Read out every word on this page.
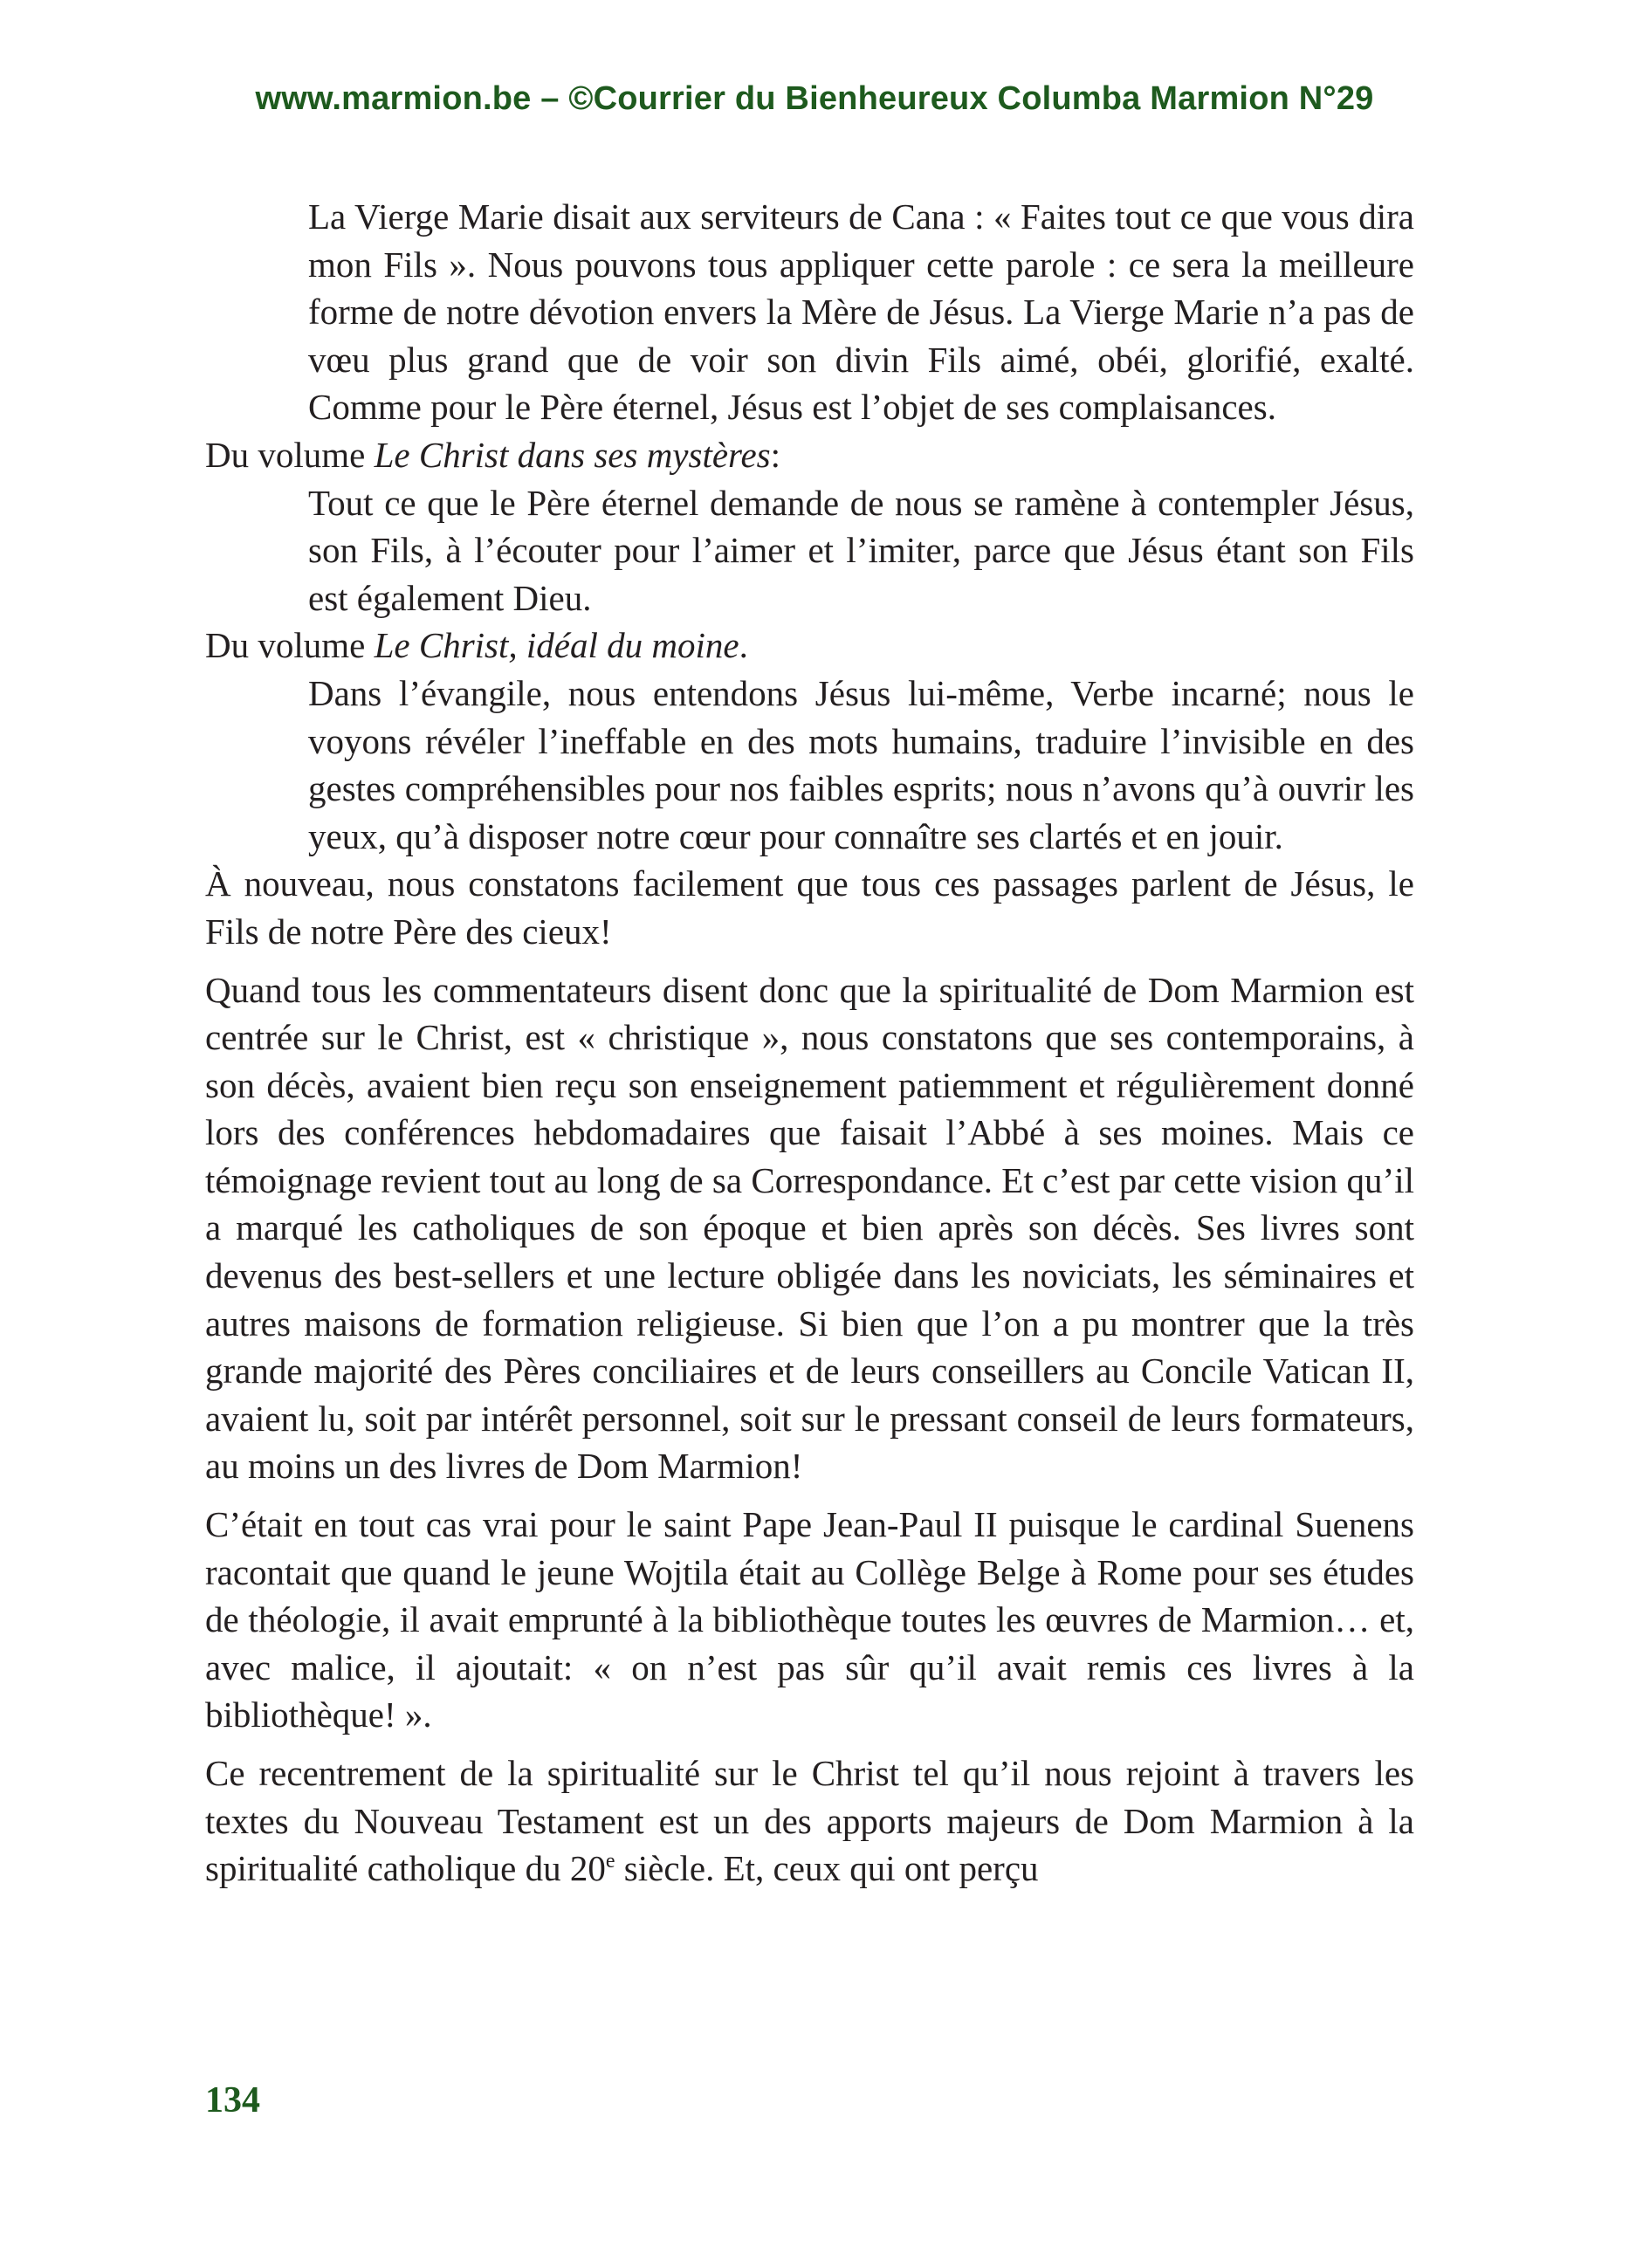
www.marmion.be – ©Courrier du Bienheureux Columba Marmion N°29

La Vierge Marie disait aux serviteurs de Cana : « Faites tout ce que vous dira mon Fils ». Nous pouvons tous appliquer cette parole : ce sera la meilleure forme de notre dévotion envers la Mère de Jésus. La Vierge Marie n’a pas de vœu plus grand que de voir son divin Fils aimé, obéi, glorifié, exalté. Comme pour le Père éternel, Jésus est l’objet de ses complaisances.

Du volume Le Christ dans ses mystères:

Tout ce que le Père éternel demande de nous se ramène à contempler Jésus, son Fils, à l’écouter pour l’aimer et l’imiter, parce que Jésus étant son Fils est également Dieu.

Du volume Le Christ, idéal du moine.

Dans l’évangile, nous entendons Jésus lui-même, Verbe incarné; nous le voyons révéler l’ineffable en des mots humains, traduire l’invisible en des gestes compréhensibles pour nos faibles esprits; nous n’avons qu’à ouvrir les yeux, qu’à disposer notre cœur pour connaître ses clartés et en jouir.

À nouveau, nous constatons facilement que tous ces passages parlent de Jésus, le Fils de notre Père des cieux!

Quand tous les commentateurs disent donc que la spiritualité de Dom Marmion est centrée sur le Christ, est « christique », nous constatons que ses contemporains, à son décès, avaient bien reçu son enseignement patiemment et régulièrement donné lors des conférences hebdomadaires que faisait l’Abbé à ses moines. Mais ce témoignage revient tout au long de sa Correspondance. Et c’est par cette vision qu’il a marqué les catholiques de son époque et bien après son décès. Ses livres sont devenus des best-sellers et une lecture obligée dans les noviciats, les séminaires et autres maisons de formation religieuse. Si bien que l’on a pu montrer que la très grande majorité des Pères conciliaires et de leurs conseillers au Concile Vatican II, avaient lu, soit par intérêt personnel, soit sur le pressant conseil de leurs formateurs, au moins un des livres de Dom Marmion!

C’était en tout cas vrai pour le saint Pape Jean-Paul II puisque le cardinal Suenens racontait que quand le jeune Wojtila était au Collège Belge à Rome pour ses études de théologie, il avait emprunté à la bibliothèque toutes les œuvres de Marmion… et, avec malice, il ajoutait: « on n’est pas sûr qu’il avait remis ces livres à la bibliothèque! ».

Ce recentrement de la spiritualité sur le Christ tel qu’il nous rejoint à travers les textes du Nouveau Testament est un des apports majeurs de Dom Marmion à la spiritualité catholique du 20e siècle. Et, ceux qui ont perçu

134
